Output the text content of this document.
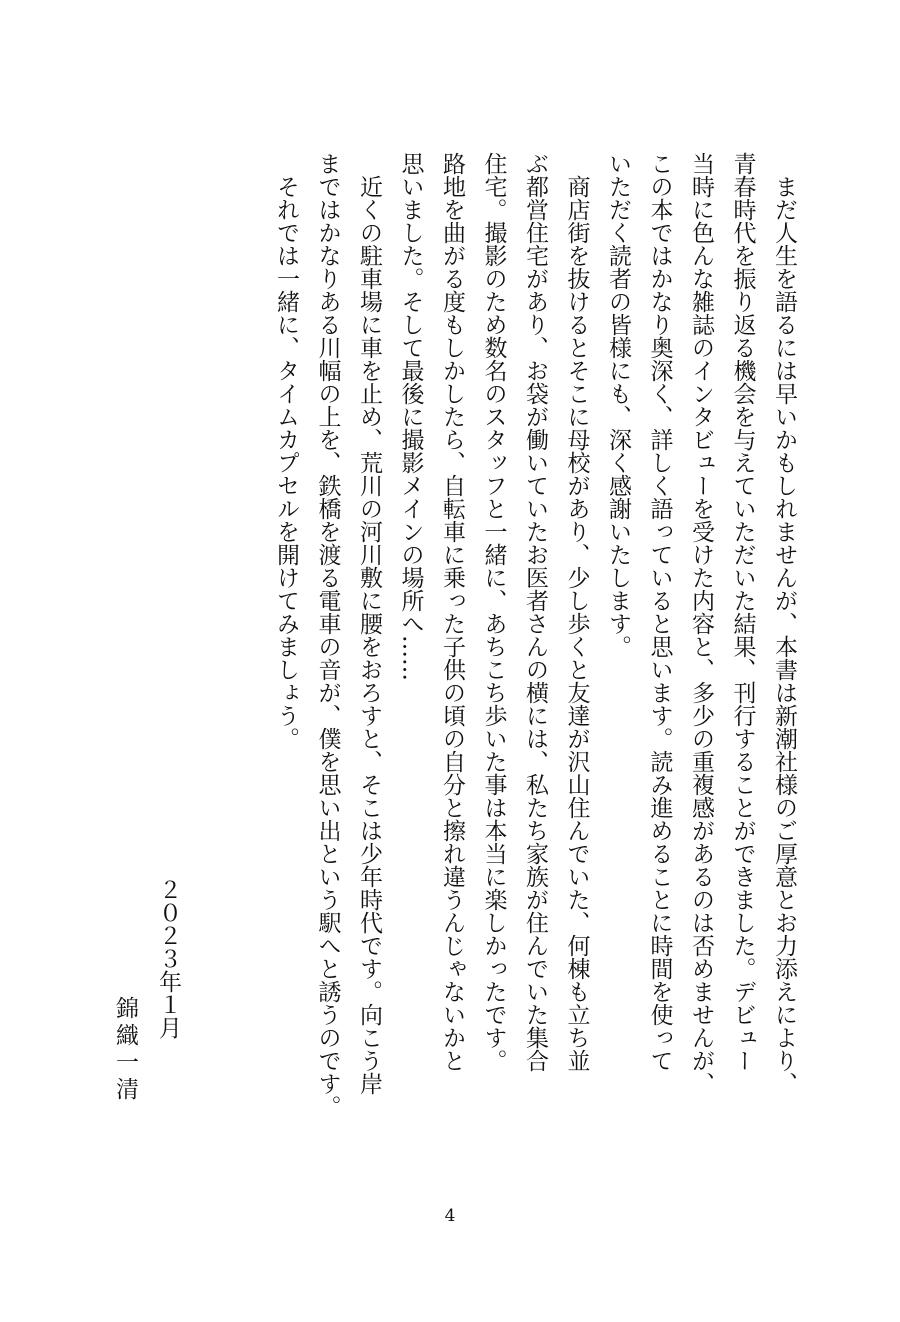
まだ人生を語るには早いかもしれませんが、本書は新潮社様のご厚意とお力添えにより、
青春時代を振り返る機会を与えていただいた結果、刊行することができました。デビュー
当時に色んな雑誌のインタビューを受けた内容と、多少の重複感があるのは否めませんが、
この本ではかなり奥深く、詳しく語っていると思います。読み進めることに時間を使って
いただく読者の皆様にも、深く感謝いたします。
商店街を抜けるとそこに母校があり、少し歩くと友達が沢山住んでいた、何棟も立ち並
ぶ都営住宅があり、お袋が働いていたお医者さんの横には、私たち家族が住んでいた集合
住宅。撮影のため数名のスタッフと一緒に、あちこち歩いた事は本当に楽しかったです。
路地を曲がる度もしかしたら、自転車に乗った子供の頃の自分と擦れ違うんじゃないかと
思いました。そして最後に撮影メインの場所へ……
近くの駐車場に車を止め、荒川の河川敷に腰をおろすと、そこは少年時代です。向こう岸
まではかなりある川幅の上を、鉄橋を渡る電車の音が、僕を思い出という駅へと誘うのです。
それでは一緒に、タイムカプセルを開けてみましょう。
２０２３年１月
錦織一清
4
